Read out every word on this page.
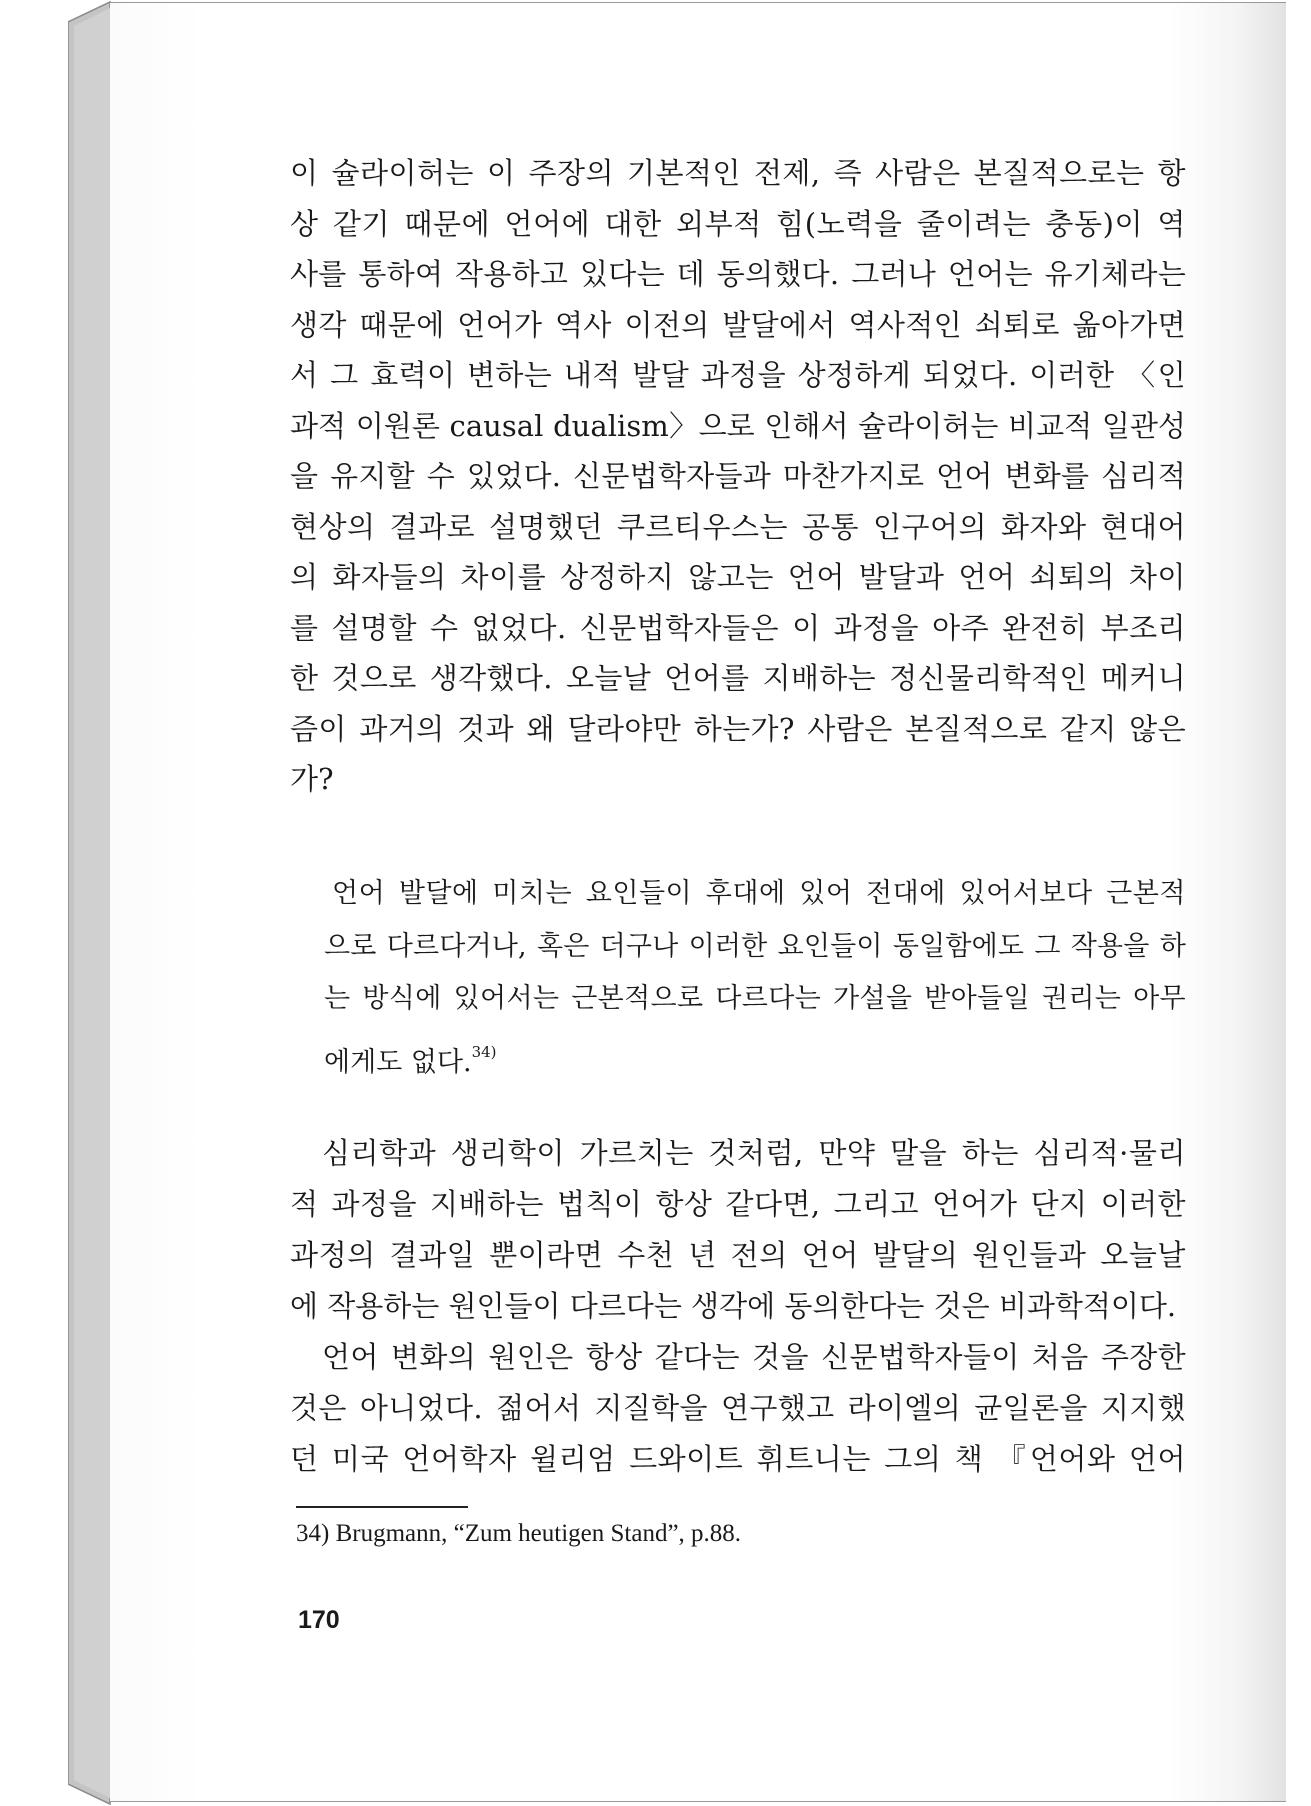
이 슐라이허는 이 주장의 기본적인 전제, 즉 사람은 본질적으로는 항
상 같기 때문에 언어에 대한 외부적 힘(노력을 줄이려는 충동)이 역
사를 통하여 작용하고 있다는 데 동의했다. 그러나 언어는 유기체라는
생각 때문에 언어가 역사 이전의 발달에서 역사적인 쇠퇴로 옮아가면
서 그 효력이 변하는 내적 발달 과정을 상정하게 되었다. 이러한 〈인
과적 이원론 causal dualism〉으로 인해서 슐라이허는 비교적 일관성
을 유지할 수 있었다. 신문법학자들과 마찬가지로 언어 변화를 심리적
현상의 결과로 설명했던 쿠르티우스는 공통 인구어의 화자와 현대어
의 화자들의 차이를 상정하지 않고는 언어 발달과 언어 쇠퇴의 차이
를 설명할 수 없었다. 신문법학자들은 이 과정을 아주 완전히 부조리
한 것으로 생각했다. 오늘날 언어를 지배하는 정신물리학적인 메커니
즘이 과거의 것과 왜 달라야만 하는가? 사람은 본질적으로 같지 않은
가?
언어 발달에 미치는 요인들이 후대에 있어 전대에 있어서보다 근본적
으로 다르다거나, 혹은 더구나 이러한 요인들이 동일함에도 그 작용을 하
는 방식에 있어서는 근본적으로 다르다는 가설을 받아들일 권리는 아무
에게도 없다.$^{34)}$
심리학과 생리학이 가르치는 것처럼, 만약 말을 하는 심리적·물리
적 과정을 지배하는 법칙이 항상 같다면, 그리고 언어가 단지 이러한
과정의 결과일 뿐이라면 수천 년 전의 언어 발달의 원인들과 오늘날
에 작용하는 원인들이 다르다는 생각에 동의한다는 것은 비과학적이다.
언어 변화의 원인은 항상 같다는 것을 신문법학자들이 처음 주장한
것은 아니었다. 젊어서 지질학을 연구했고 라이엘의 균일론을 지지했
던 미국 언어학자 윌리엄 드와이트 휘트니는 그의 책 『언어와 언어
34) Brugmann, “Zum heutigen Stand”, p.88.
170
